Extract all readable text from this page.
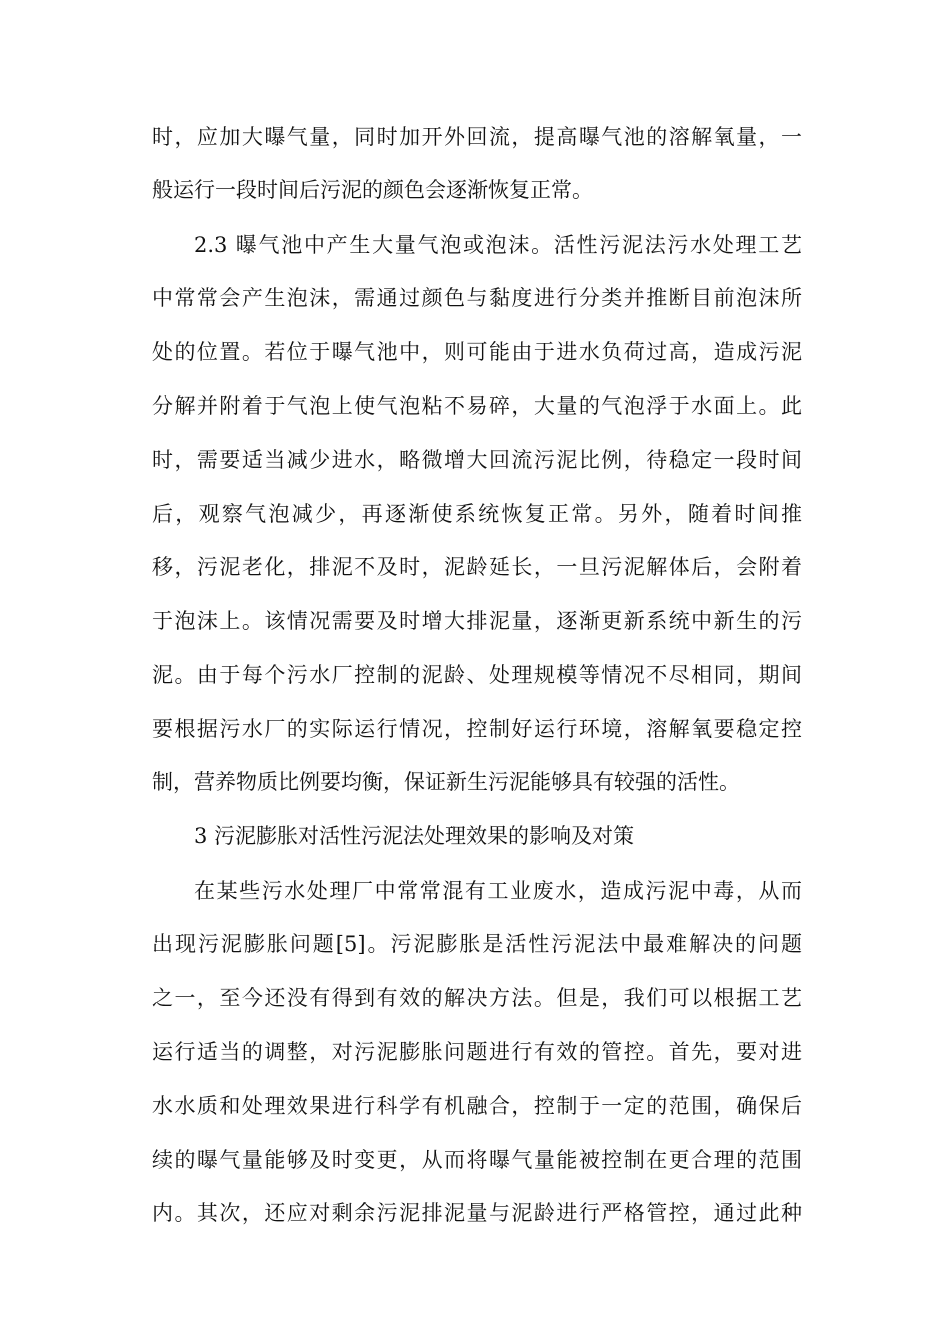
时，应加大曝气量，同时加开外回流，提高曝气池的溶解氧量，一
般运行一段时间后污泥的颜色会逐渐恢复正常。
2.3 曝气池中产生大量气泡或泡沫。活性污泥法污水处理工艺
中常常会产生泡沫，需通过颜色与黏度进行分类并推断目前泡沫所
处的位置。若位于曝气池中，则可能由于进水负荷过高，造成污泥
分解并附着于气泡上使气泡粘不易碎，大量的气泡浮于水面上。此
时，需要适当减少进水，略微增大回流污泥比例，待稳定一段时间
后，观察气泡减少，再逐渐使系统恢复正常。另外，随着时间推
移，污泥老化，排泥不及时，泥龄延长，一旦污泥解体后，会附着
于泡沫上。该情况需要及时增大排泥量，逐渐更新系统中新生的污
泥。由于每个污水厂控制的泥龄、处理规模等情况不尽相同，期间
要根据污水厂的实际运行情况，控制好运行环境，溶解氧要稳定控
制，营养物质比例要均衡，保证新生污泥能够具有较强的活性。
3 污泥膨胀对活性污泥法处理效果的影响及对策
在某些污水处理厂中常常混有工业废水，造成污泥中毒，从而
出现污泥膨胀问题[5]。污泥膨胀是活性污泥法中最难解决的问题
之一，至今还没有得到有效的解决方法。但是，我们可以根据工艺
运行适当的调整，对污泥膨胀问题进行有效的管控。首先，要对进
水水质和处理效果进行科学有机融合，控制于一定的范围，确保后
续的曝气量能够及时变更，从而将曝气量能被控制在更合理的范围
内。其次，还应对剩余污泥排泥量与泥龄进行严格管控，通过此种
